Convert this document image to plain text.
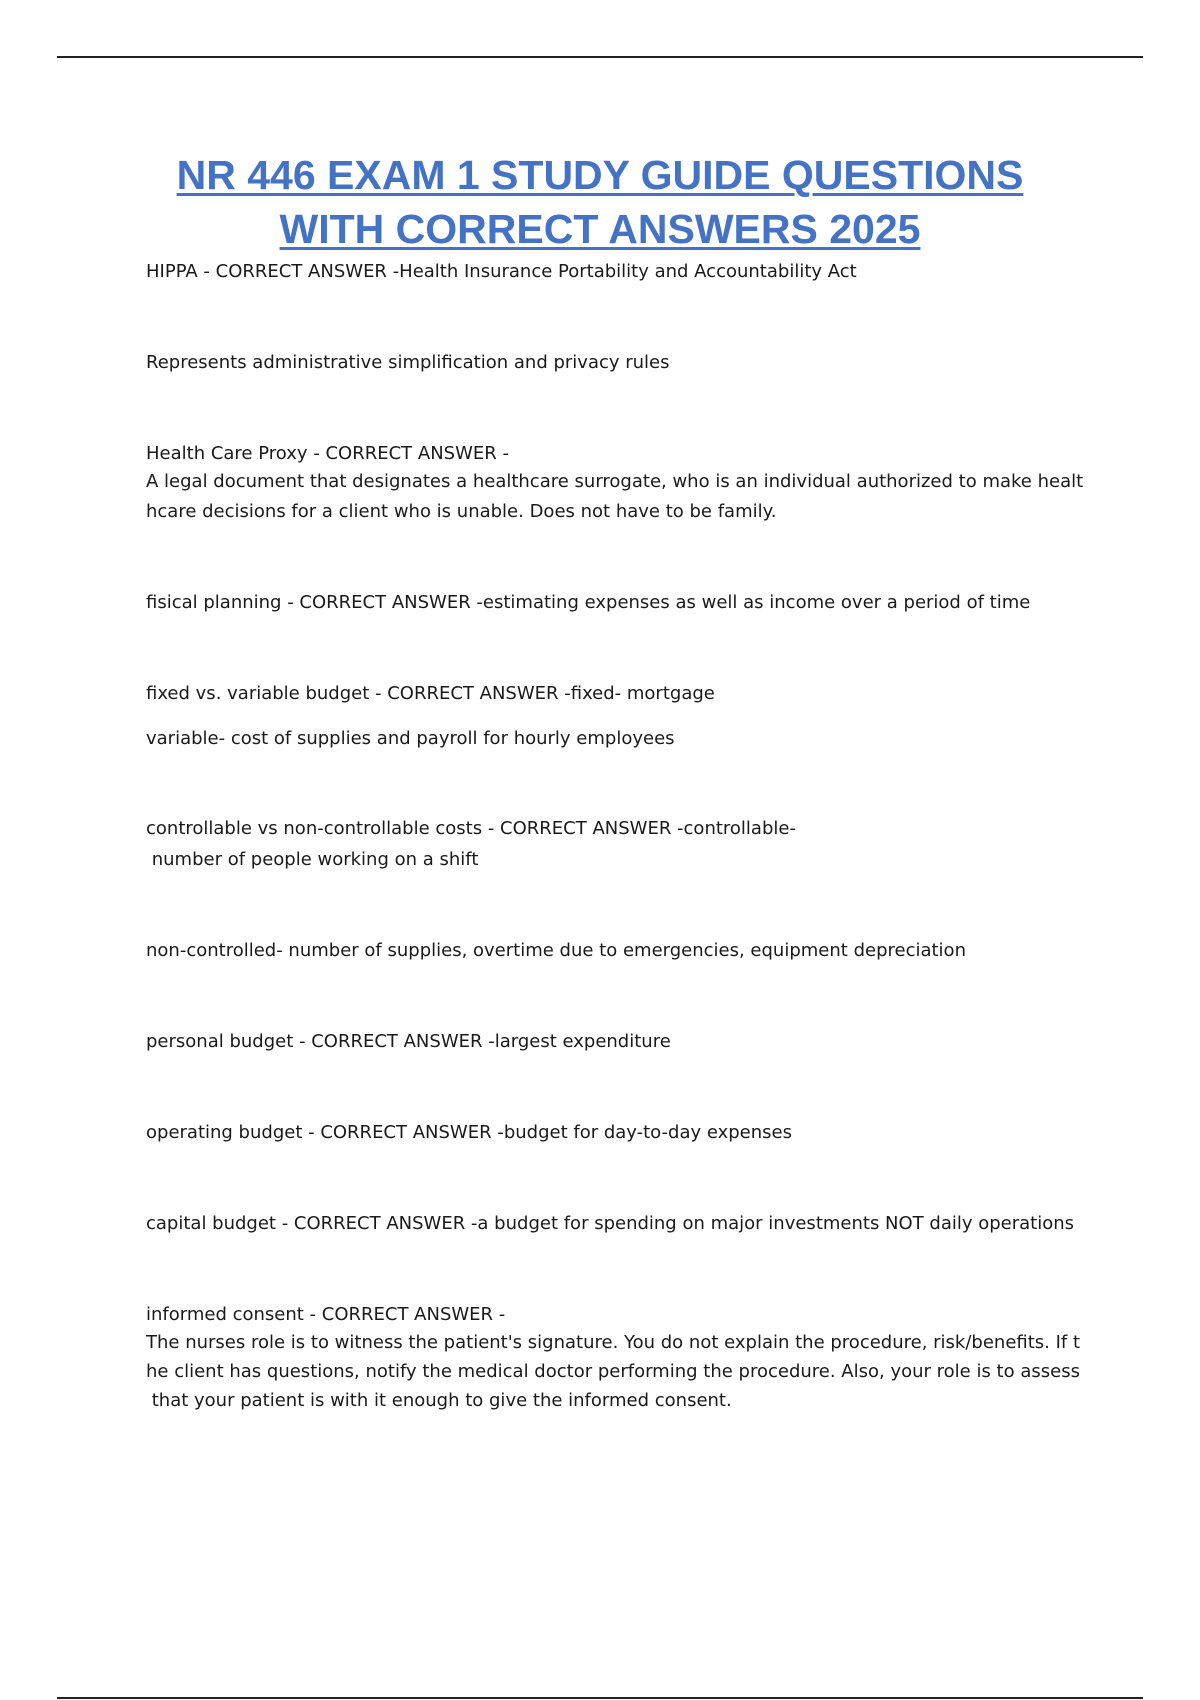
NR 446 EXAM 1 STUDY GUIDE QUESTIONS
WITH CORRECT ANSWERS 2025

HIPPA - CORRECT ANSWER -Health Insurance Portability and Accountability Act

Represents administrative simplification and privacy rules

Health Care Proxy - CORRECT ANSWER -

A legal document that designates a healthcare surrogate, who is an individual authorized to make healt

hcare decisions for a client who is unable. Does not have to be family.

fisical planning - CORRECT ANSWER -estimating expenses as well as income over a period of time

fixed vs. variable budget - CORRECT ANSWER -fixed- mortgage

variable- cost of supplies and payroll for hourly employees

controllable vs non-controllable costs - CORRECT ANSWER -controllable-

number of people working on a shift

non-controlled- number of supplies, overtime due to emergencies, equipment depreciation

personal budget - CORRECT ANSWER -largest expenditure

operating budget - CORRECT ANSWER -budget for day-to-day expenses

capital budget - CORRECT ANSWER -a budget for spending on major investments NOT daily operations

informed consent - CORRECT ANSWER -

The nurses role is to witness the patient's signature. You do not explain the procedure, risk/benefits. If t

he client has questions, notify the medical doctor performing the procedure. Also, your role is to assess

that your patient is with it enough to give the informed consent.
